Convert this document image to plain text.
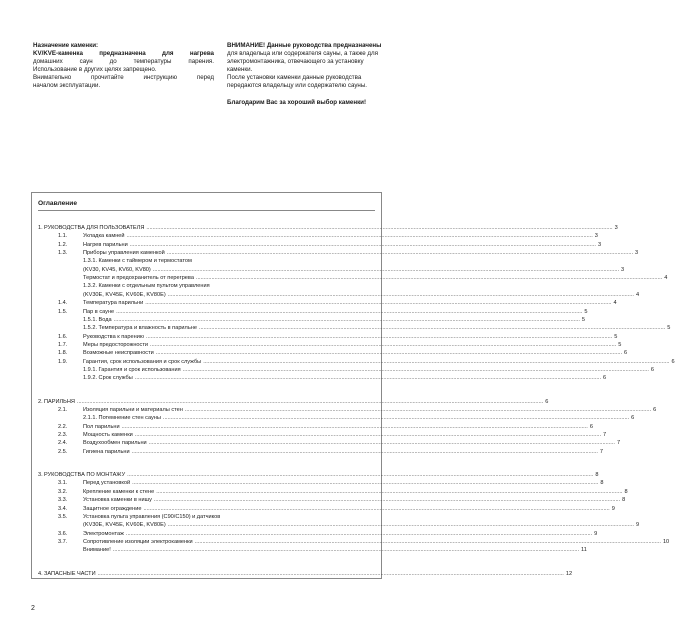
Назначение каменки:

KV/KVE-каменка предназначена для нагрева

домашних саун до температуры парения.

Использование в других целях запрещено.

Внимательно прочитайте инструкцию перед

началом эксплуатации.

ВНИМАНИЕ! Данные руководства предназначены

для владельца или содержателя сауны, а также для

электромонтажника, отвечающего за установку

каменки.

После установки каменки данные руководства

передаются владельцу или содержателю сауны.

Благодарим Вас за хороший выбор каменки!

Оглавление
1. РУКОВОДСТВА ДЛЯ ПОЛЬЗОВАТЕЛЯ ............................................................................................................................................................................................................................................................................................................ 3
1.1.	Укладка камней ............................................................................................................................................................................................................................................................................................................ 3
1.2.	Нагрев парильни ............................................................................................................................................................................................................................................................................................................ 3
1.3.	Приборы управления каменкой ............................................................................................................................................................................................................................................................................................................ 3
1.3.1. Каменки с таймером и термостатом
(KV30, KV45, KV60, KV80) ............................................................................................................................................................................................................................................................................................................ 3
Термостат и предохранитель от перегрева ............................................................................................................................................................................................................................................................................................................ 4
1.3.2. Каменки с отдельным пультом управления
(KV30E, KV45E, KV60E, KV80E) ............................................................................................................................................................................................................................................................................................................ 4
1.4.	Температура парильни ............................................................................................................................................................................................................................................................................................................ 4
1.5.	Пар в сауне ............................................................................................................................................................................................................................................................................................................ 5
1.5.1. Вода ............................................................................................................................................................................................................................................................................................................ 5
1.5.2. Температура и влажность в парильне ............................................................................................................................................................................................................................................................................................................ 5
1.6.	Руководства к парению ............................................................................................................................................................................................................................................................................................................ 5
1.7.	Меры предосторожности ............................................................................................................................................................................................................................................................................................................ 5
1.8.	Возможные неисправности ............................................................................................................................................................................................................................................................................................................ 6
1.9.	Гарантия, срок использования и срок службы ............................................................................................................................................................................................................................................................................................................ 6
1.9.1. Гарантия и срок использования ............................................................................................................................................................................................................................................................................................................ 6
1.9.2. Срок службы ............................................................................................................................................................................................................................................................................................................ 6
2. ПАРИЛЬНЯ ............................................................................................................................................................................................................................................................................................................ 6
2.1.	Изоляция парильни и материалы стен ............................................................................................................................................................................................................................................................................................................ 6
2.1.1. Потемнение стен сауны ............................................................................................................................................................................................................................................................................................................ 6
2.2.	Пол парильни ............................................................................................................................................................................................................................................................................................................ 6
2.3.	Мощность каменки ............................................................................................................................................................................................................................................................................................................ 7
2.4.	Воздухообмен парильни ............................................................................................................................................................................................................................................................................................................ 7
2.5.	Гигиена парильни ............................................................................................................................................................................................................................................................................................................ 7
3. РУКОВОДСТВА ПО МОНТАЖУ ............................................................................................................................................................................................................................................................................................................ 8
3.1.	Перед установкой ............................................................................................................................................................................................................................................................................................................ 8
3.2.	Крепление каменки к стене ............................................................................................................................................................................................................................................................................................................ 8
3.3.	Установка каменки в нишу ............................................................................................................................................................................................................................................................................................................ 8
3.4.	Защитное ограждение ............................................................................................................................................................................................................................................................................................................ 9
3.5.	Установка пульта управления (C90/C150) и датчиков
(KV30E, KV45E, KV60E, KV80E) ............................................................................................................................................................................................................................................................................................................ 9
3.6.	Электромонтаж ............................................................................................................................................................................................................................................................................................................ 9
3.7.	Сопротивление изоляции электрокаменки ............................................................................................................................................................................................................................................................................................................ 10
Внимание! ............................................................................................................................................................................................................................................................................................................ 11
4. ЗАПАСНЫЕ ЧАСТИ ............................................................................................................................................................................................................................................................................................................ 12
2
